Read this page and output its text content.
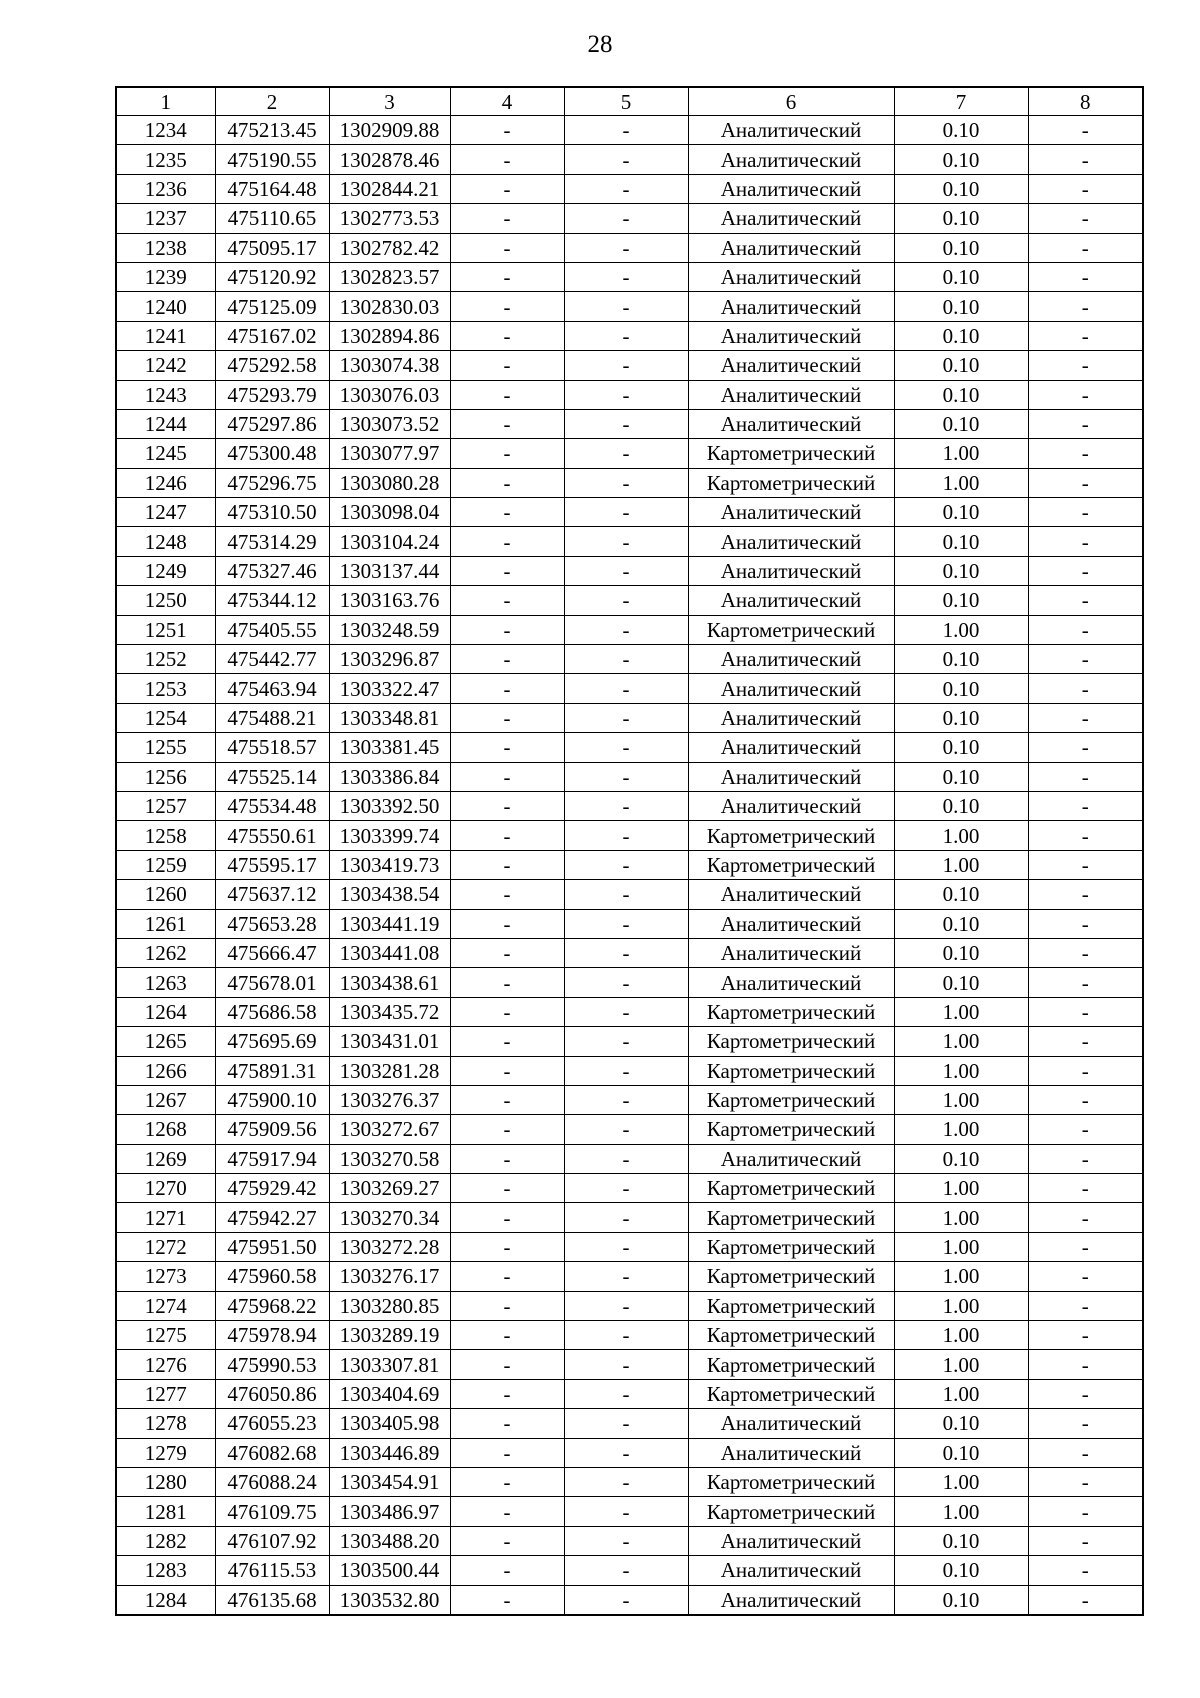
28
1	2	3	4	5	6	7	8
1234	475213.45	1302909.88	-	-	Аналитический	0.10	-
1235	475190.55	1302878.46	-	-	Аналитический	0.10	-
1236	475164.48	1302844.21	-	-	Аналитический	0.10	-
1237	475110.65	1302773.53	-	-	Аналитический	0.10	-
1238	475095.17	1302782.42	-	-	Аналитический	0.10	-
1239	475120.92	1302823.57	-	-	Аналитический	0.10	-
1240	475125.09	1302830.03	-	-	Аналитический	0.10	-
1241	475167.02	1302894.86	-	-	Аналитический	0.10	-
1242	475292.58	1303074.38	-	-	Аналитический	0.10	-
1243	475293.79	1303076.03	-	-	Аналитический	0.10	-
1244	475297.86	1303073.52	-	-	Аналитический	0.10	-
1245	475300.48	1303077.97	-	-	Картометрический	1.00	-
1246	475296.75	1303080.28	-	-	Картометрический	1.00	-
1247	475310.50	1303098.04	-	-	Аналитический	0.10	-
1248	475314.29	1303104.24	-	-	Аналитический	0.10	-
1249	475327.46	1303137.44	-	-	Аналитический	0.10	-
1250	475344.12	1303163.76	-	-	Аналитический	0.10	-
1251	475405.55	1303248.59	-	-	Картометрический	1.00	-
1252	475442.77	1303296.87	-	-	Аналитический	0.10	-
1253	475463.94	1303322.47	-	-	Аналитический	0.10	-
1254	475488.21	1303348.81	-	-	Аналитический	0.10	-
1255	475518.57	1303381.45	-	-	Аналитический	0.10	-
1256	475525.14	1303386.84	-	-	Аналитический	0.10	-
1257	475534.48	1303392.50	-	-	Аналитический	0.10	-
1258	475550.61	1303399.74	-	-	Картометрический	1.00	-
1259	475595.17	1303419.73	-	-	Картометрический	1.00	-
1260	475637.12	1303438.54	-	-	Аналитический	0.10	-
1261	475653.28	1303441.19	-	-	Аналитический	0.10	-
1262	475666.47	1303441.08	-	-	Аналитический	0.10	-
1263	475678.01	1303438.61	-	-	Аналитический	0.10	-
1264	475686.58	1303435.72	-	-	Картометрический	1.00	-
1265	475695.69	1303431.01	-	-	Картометрический	1.00	-
1266	475891.31	1303281.28	-	-	Картометрический	1.00	-
1267	475900.10	1303276.37	-	-	Картометрический	1.00	-
1268	475909.56	1303272.67	-	-	Картометрический	1.00	-
1269	475917.94	1303270.58	-	-	Аналитический	0.10	-
1270	475929.42	1303269.27	-	-	Картометрический	1.00	-
1271	475942.27	1303270.34	-	-	Картометрический	1.00	-
1272	475951.50	1303272.28	-	-	Картометрический	1.00	-
1273	475960.58	1303276.17	-	-	Картометрический	1.00	-
1274	475968.22	1303280.85	-	-	Картометрический	1.00	-
1275	475978.94	1303289.19	-	-	Картометрический	1.00	-
1276	475990.53	1303307.81	-	-	Картометрический	1.00	-
1277	476050.86	1303404.69	-	-	Картометрический	1.00	-
1278	476055.23	1303405.98	-	-	Аналитический	0.10	-
1279	476082.68	1303446.89	-	-	Аналитический	0.10	-
1280	476088.24	1303454.91	-	-	Картометрический	1.00	-
1281	476109.75	1303486.97	-	-	Картометрический	1.00	-
1282	476107.92	1303488.20	-	-	Аналитический	0.10	-
1283	476115.53	1303500.44	-	-	Аналитический	0.10	-
1284	476135.68	1303532.80	-	-	Аналитический	0.10	-
